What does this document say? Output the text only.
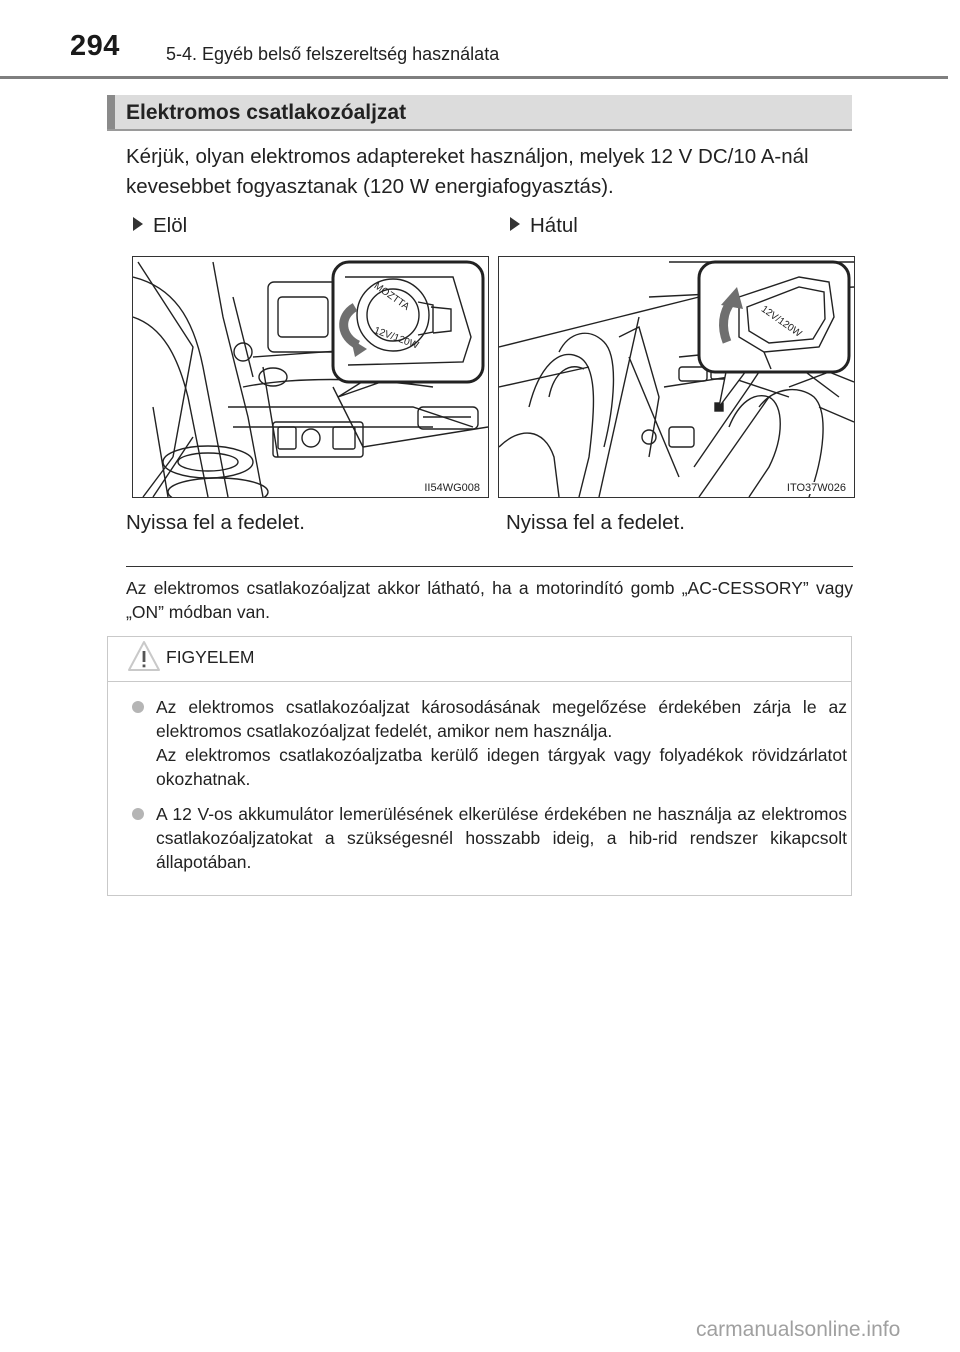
294	5-4. Egyéb belső felszereltség használata
Elektromos csatlakozóaljzat
Kérjük, olyan elektromos adaptereket használjon, melyek 12 V DC/10 A-nál kevesebbet fogyasztanak (120 W energiafogyasztás).
Elöl	Hátul
MOZTTA
12V/120W
II54WG008
12V/120W
ITO37W026
Nyissa fel a fedelet.	Nyissa fel a fedelet.
Az elektromos csatlakozóaljzat akkor látható, ha a motorindító gomb „AC-CESSORY” vagy „ON” módban van.
FIGYELEM

Az elektromos csatlakozóaljzat károsodásának megelőzése érdekében zárja le az elektromos csatlakozóaljzat fedelét, amikor nem használja.

Az elektromos csatlakozóaljzatba kerülő idegen tárgyak vagy folyadékok rövidzárlatot okozhatnak.

A 12 V-os akkumulátor lemerülésének elkerülése érdekében ne használja az elektromos csatlakozóaljzatokat a szükségesnél hosszabb ideig, a hib-rid rendszer kikapcsolt állapotában.

carmanualsonline.info
